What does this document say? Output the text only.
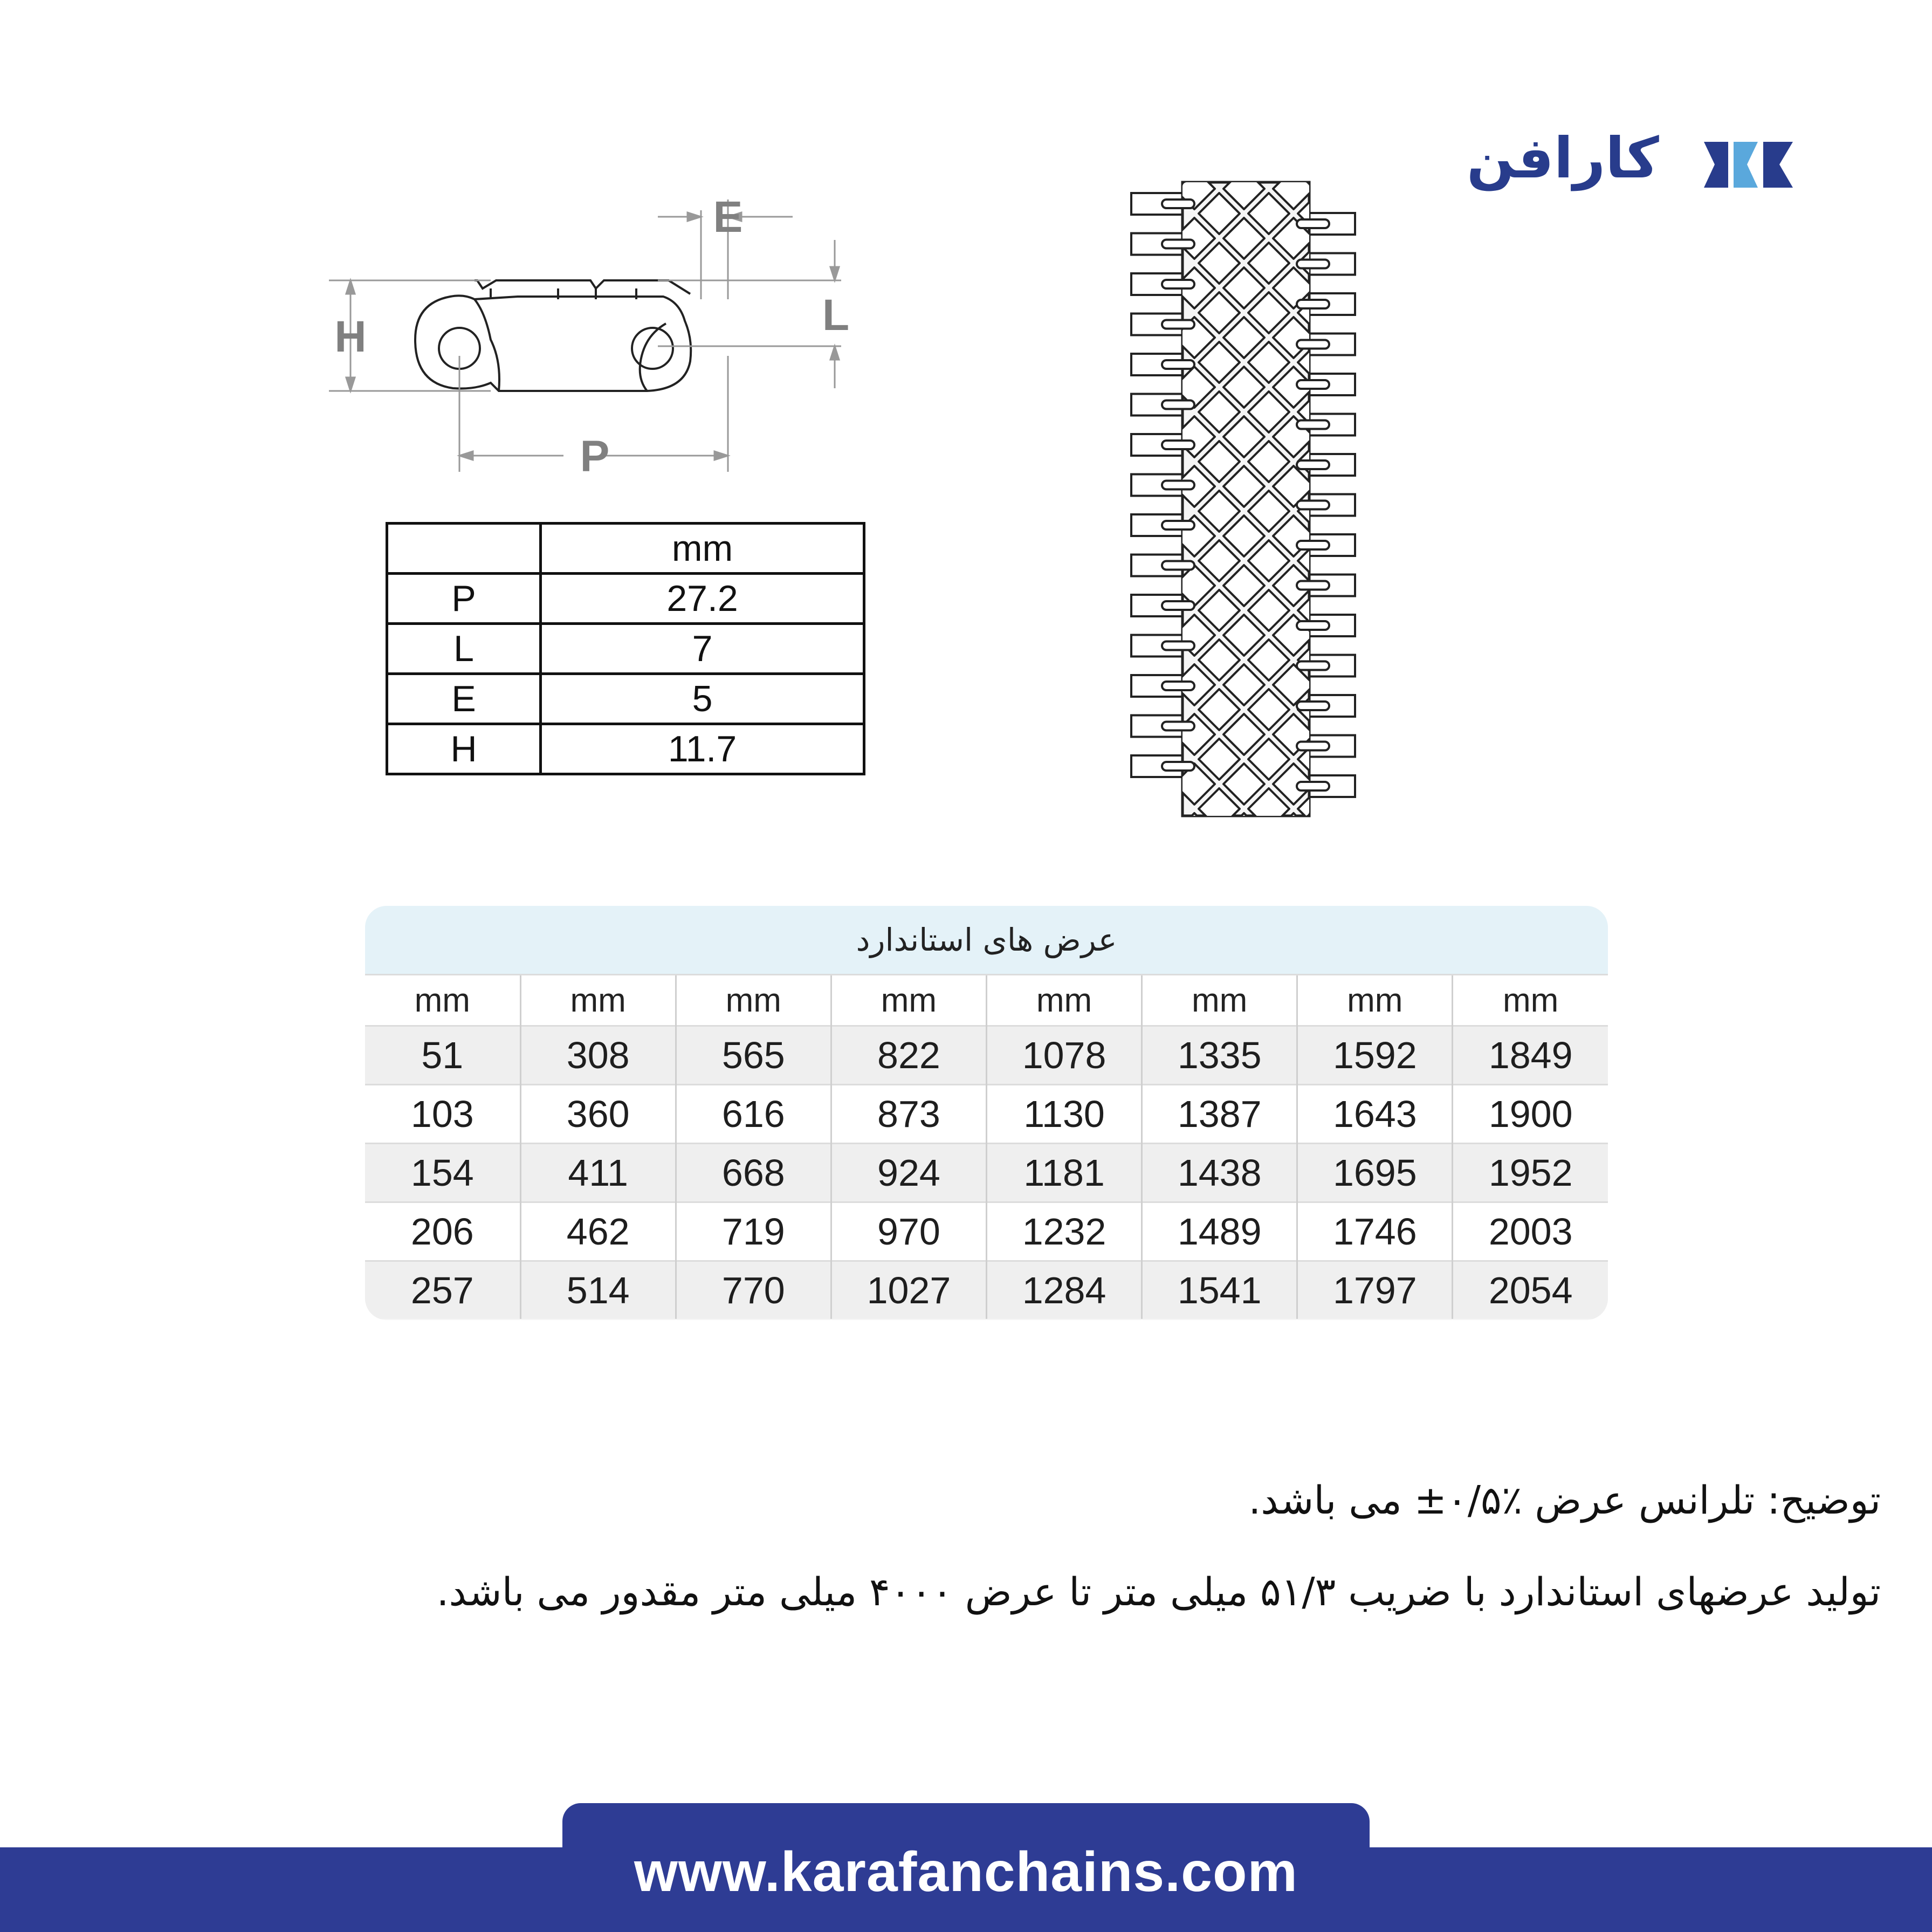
کارافن
H
E
L
P
	mm
P	27.2
L	7
E	5
H	11.7
عرض های استاندارد
mm	mm	mm	mm	mm	mm	mm	mm
51	308	565	822	1078	1335	1592	1849
103	360	616	873	1130	1387	1643	1900
154	411	668	924	1181	1438	1695	1952
206	462	719	970	1232	1489	1746	2003
257	514	770	1027	1284	1541	1797	2054
توضیح: تلرانس عرض ٪۰/۵± می باشد.
تولید عرضهای استاندارد با ضریب ۵۱/۳ میلی متر تا عرض ۴۰۰۰ میلی متر مقدور می باشد.
www.karafanchains.com
